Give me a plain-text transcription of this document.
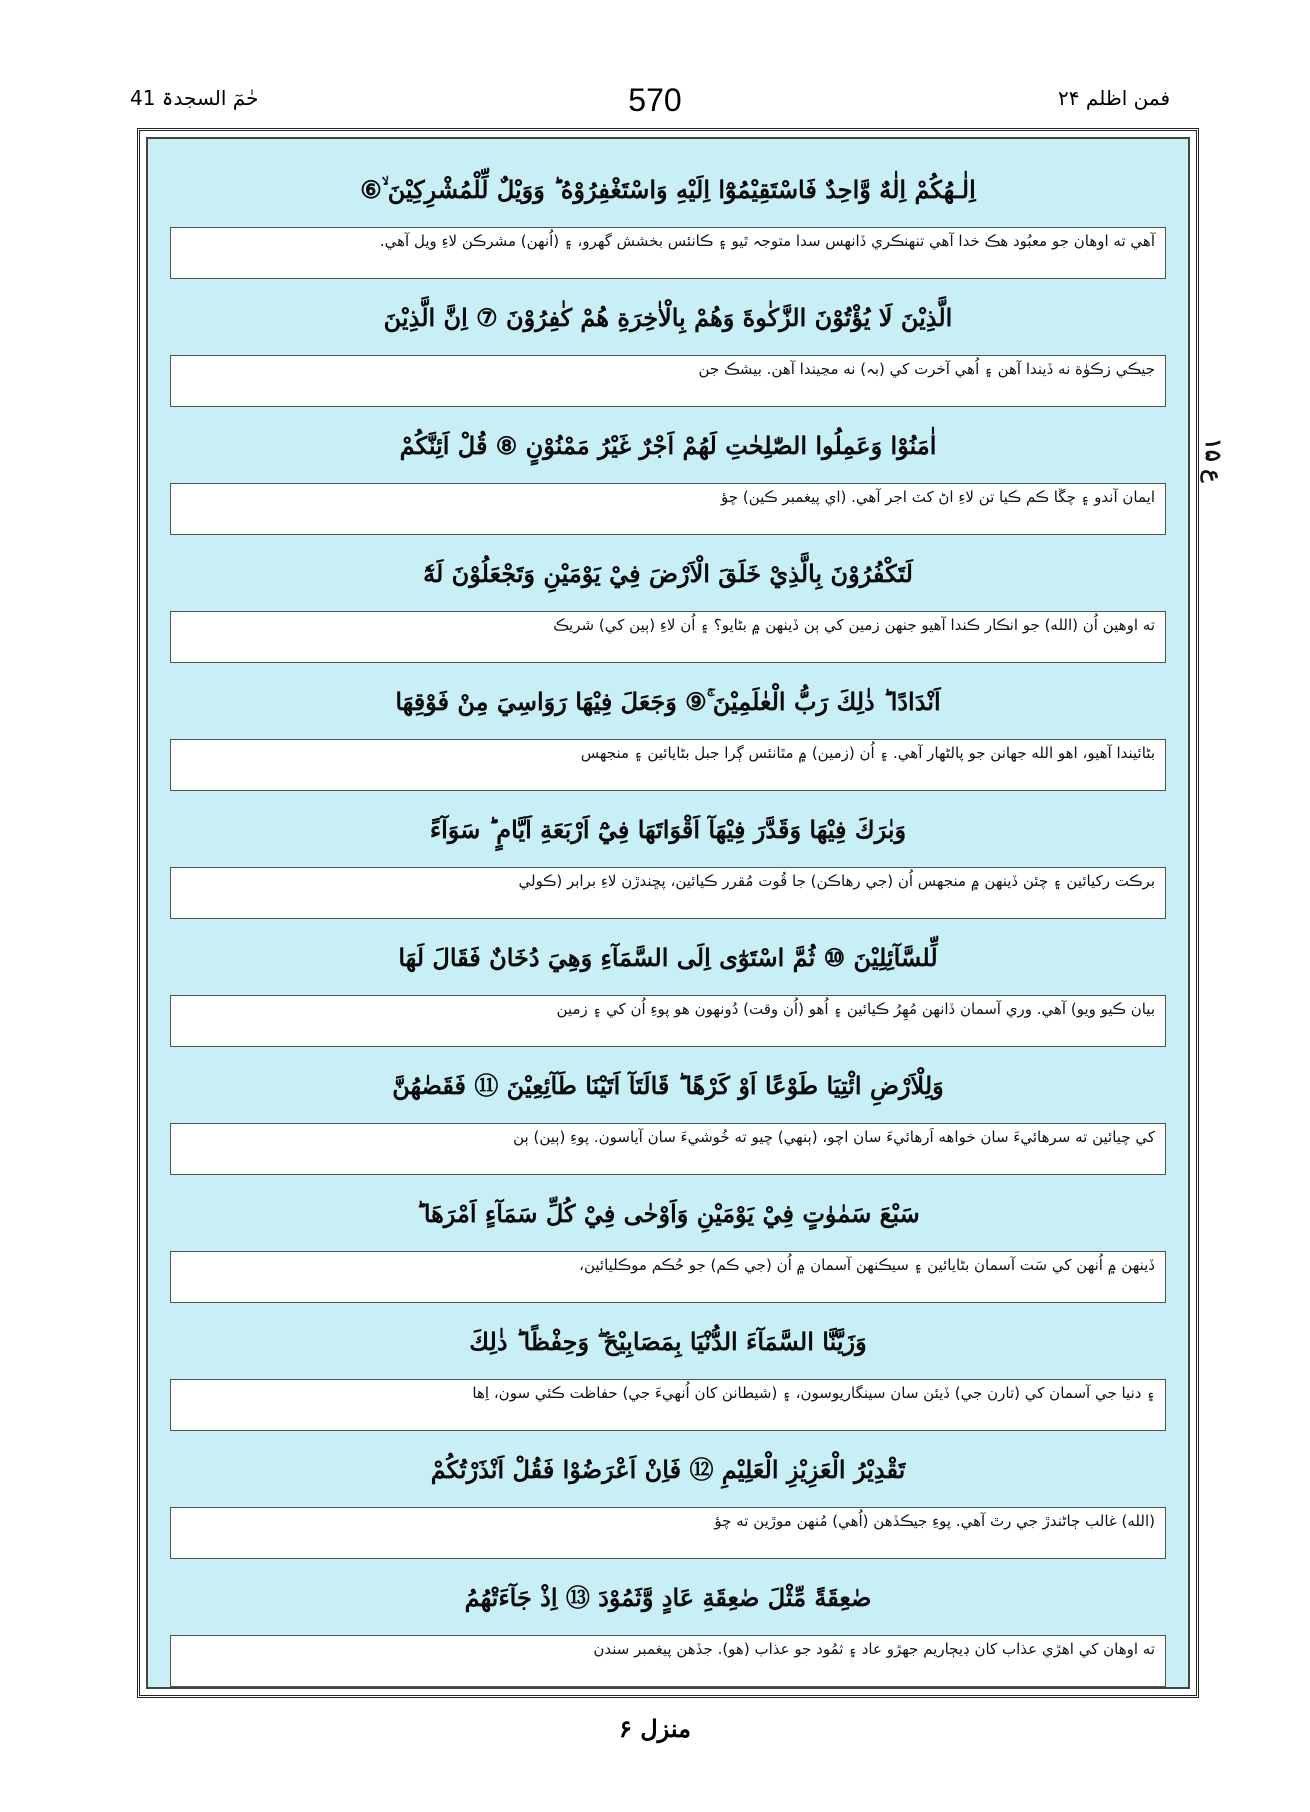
حٰمٓ السجدۃ 41	570	فمن اظلم ۲۴
اِلٰـهُكُمْ اِلٰهٌ وَّاحِدٌ فَاسْتَقِيْمُوْٓا اِلَيْهِ وَاسْتَغْفِرُوْهُ ؕ وَوَيْلٌ لِّلْمُشْرِكِيْنَ ۙ⑥
آهي ته اوهان جو معبُود هڪ خدا آهي تنهنڪري ڏانهس سدا متوجہ ٿيو ۽ ڪانئس بخشش گهرو، ۽ (اُنهن) مشرڪن لاءِ ويل آهي.
الَّذِيْنَ لَا يُؤْتُوْنَ الزَّكٰوةَ وَهُمْ بِالْاٰخِرَةِ هُمْ كٰفِرُوْنَ ⑦ اِنَّ الَّذِيْنَ
جيڪي زڪوٰة نه ڏيندا آهن ۽ اُهي آخرت کي (بہ) نه مڃيندا آهن. بيشڪ جن
اٰمَنُوْا وَعَمِلُوا الصّٰلِحٰتِ لَهُمْ اَجْرٌ غَيْرُ مَمْنُوْنٍ ⑧ قُلْ اَئِنَّكُمْ
ايمان آندو ۽ چڱا ڪم ڪيا تن لاءِ اڻ کٽ اجر آهي. (اي پيغمبر ڪين) چؤ
لَتَكْفُرُوْنَ بِالَّذِيْ خَلَقَ الْاَرْضَ فِيْ يَوْمَيْنِ وَتَجْعَلُوْنَ لَهٗٓ
ته اوهين اُن (الله) جو انڪار ڪندا آهيو جنهن زمين کي ٻن ڏينهن ۾ بڻايو؟ ۽ اُن لاءِ (ٻين کي) شريڪ
اَنْدَادًا ؕ ذٰلِكَ رَبُّ الْعٰلَمِيْنَ ۚ⑨ وَجَعَلَ فِيْهَا رَوَاسِيَ مِنْ فَوْقِهَا
بڻائيندا آهيو، اهو الله جهانن جو پالڻهار آهي. ۽ اُن (زمين) ۾ مٿانئس ڳرا جبل بڻايائين ۽ منجهس
وَبٰرَكَ فِيْهَا وَقَدَّرَ فِيْهَآ اَقْوَاتَهَا فِيْٓ اَرْبَعَةِ اَيَّامٍ ؕ سَوَآءً
برڪت رکيائين ۽ چئن ڏينهن ۾ منجهس اُن (جي رهاڪن) جا قُوت مُقرر ڪيائين، پڇندڙن لاءِ برابر (ڪولي
لِّلسَّآئِلِيْنَ ⑩ ثُمَّ اسْتَوٰٓى اِلَى السَّمَآءِ وَهِيَ دُخَانٌ فَقَالَ لَهَا
بيان ڪيو ويو) آهي. وري آسمان ڏانهن مُهِرُ ڪيائين ۽ اُهو (اُن وقت) دُونهون هو پوءِ اُن کي ۽ زمين
وَلِلْاَرْضِ ائْتِيَا طَوْعًا اَوْ كَرْهًا ؕ قَالَتَآ اَتَيْنَا طَآئِعِيْنَ ⑪ فَقَضٰهُنَّ
کي چيائين ته سرهائيءَ سان خواهه اَرهائيءَ سان اچو، (ٻنهي) چيو ته خُوشيءَ سان آياسون. پوءِ (ٻين) ٻن
سَبْعَ سَمٰوٰتٍ فِيْ يَوْمَيْنِ وَاَوْحٰى فِيْ كُلِّ سَمَآءٍ اَمْرَهَا ؕ
ڏينهن ۾ اُنهن کي سَت آسمان بڻايائين ۽ سيڪنهن آسمان ۾ اُن (جي ڪم) جو حُڪم موڪليائين،
وَزَيَّنَّا السَّمَآءَ الدُّنْيَا بِمَصَابِيْحَ ۖ وَحِفْظًا ؕ ذٰلِكَ
۽ دنيا جي آسمان کي (تارن جي) ڏيئن سان سينگاريوسون، ۽ (شيطانن کان اُنهيءَ جي) حفاظت ڪئي سون، اِها
تَقْدِيْرُ الْعَزِيْزِ الْعَلِيْمِ ⑫ فَاِنْ اَعْرَضُوْا فَقُلْ اَنْذَرْتُكُمْ
(الله) غالب ڄاڻندڙ جي رٿ آهي. پوءِ جيڪڏهن (اُهي) مُنهن موڙين ته چؤ
صٰعِقَةً مِّثْلَ صٰعِقَةِ عَادٍ وَّثَمُوْدَ ⑬ اِذْ جَآءَتْهُمُ
ته اوهان کي اهڙي عذاب کان ڊيڄاريم جهڙو عاد ۽ ثمُود جو عذاب (هو). جڏهن پيغمبر سندن
ع ۱۵
منزل ۶
